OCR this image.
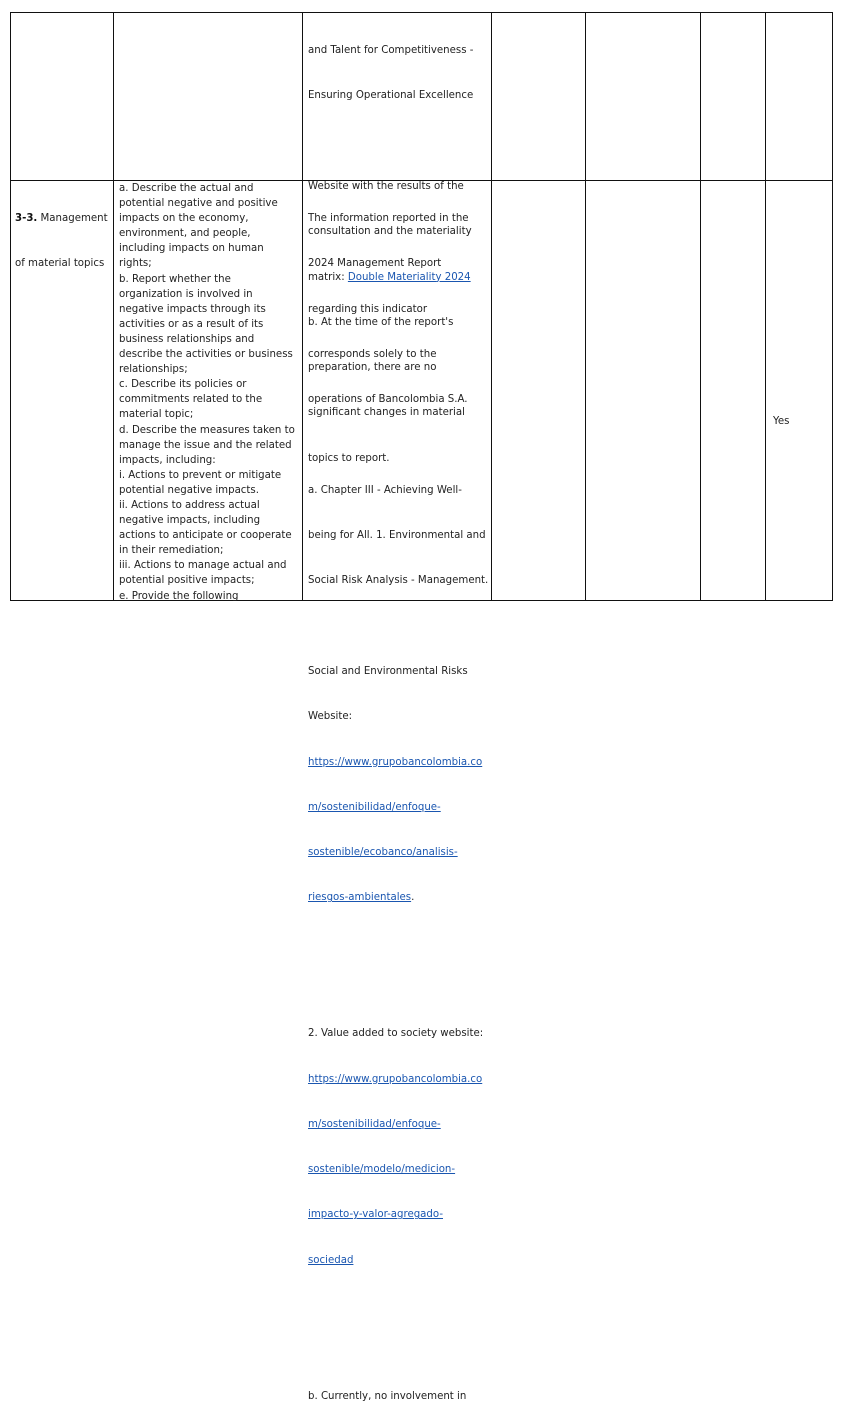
and Talent for Competitiveness -

Ensuring Operational Excellence

Website with the results of the

consultation and the materiality

matrix: Double Materiality 2024

b. At the time of the report's

preparation, there are no

significant changes in material

topics to report.

3-3. Management

of material topics

a. Describe the actual and
potential negative and positive
impacts on the economy,
environment, and people,
including impacts on human
rights;
b. Report whether the
organization is involved in
negative impacts through its
activities or as a result of its
business relationships and
describe the activities or business
relationships;
c. Describe its policies or
commitments related to the
material topic;
d. Describe the measures taken to
manage the issue and the related
impacts, including:
i. Actions to prevent or mitigate
potential negative impacts.
ii. Actions to address actual
negative impacts, including
actions to anticipate or cooperate
in their remediation;
iii. Actions to manage actual and
potential positive impacts;
e. Provide the following

The information reported in the

2024 Management Report

regarding this indicator

corresponds solely to the

operations of Bancolombia S.A.

a. Chapter III - Achieving Well-

being for All. 1. Environmental and

Social Risk Analysis - Management.

Social and Environmental Risks

Website:

https://www.grupobancolombia.co

m/sostenibilidad/enfoque-

sostenible/ecobanco/analisis-

riesgos-ambientales.

2. Value added to society website:

https://www.grupobancolombia.co

m/sostenibilidad/enfoque-

sostenible/modelo/medicion-

impacto-y-valor-agregado-

sociedad

b. Currently, no involvement in

Yes
